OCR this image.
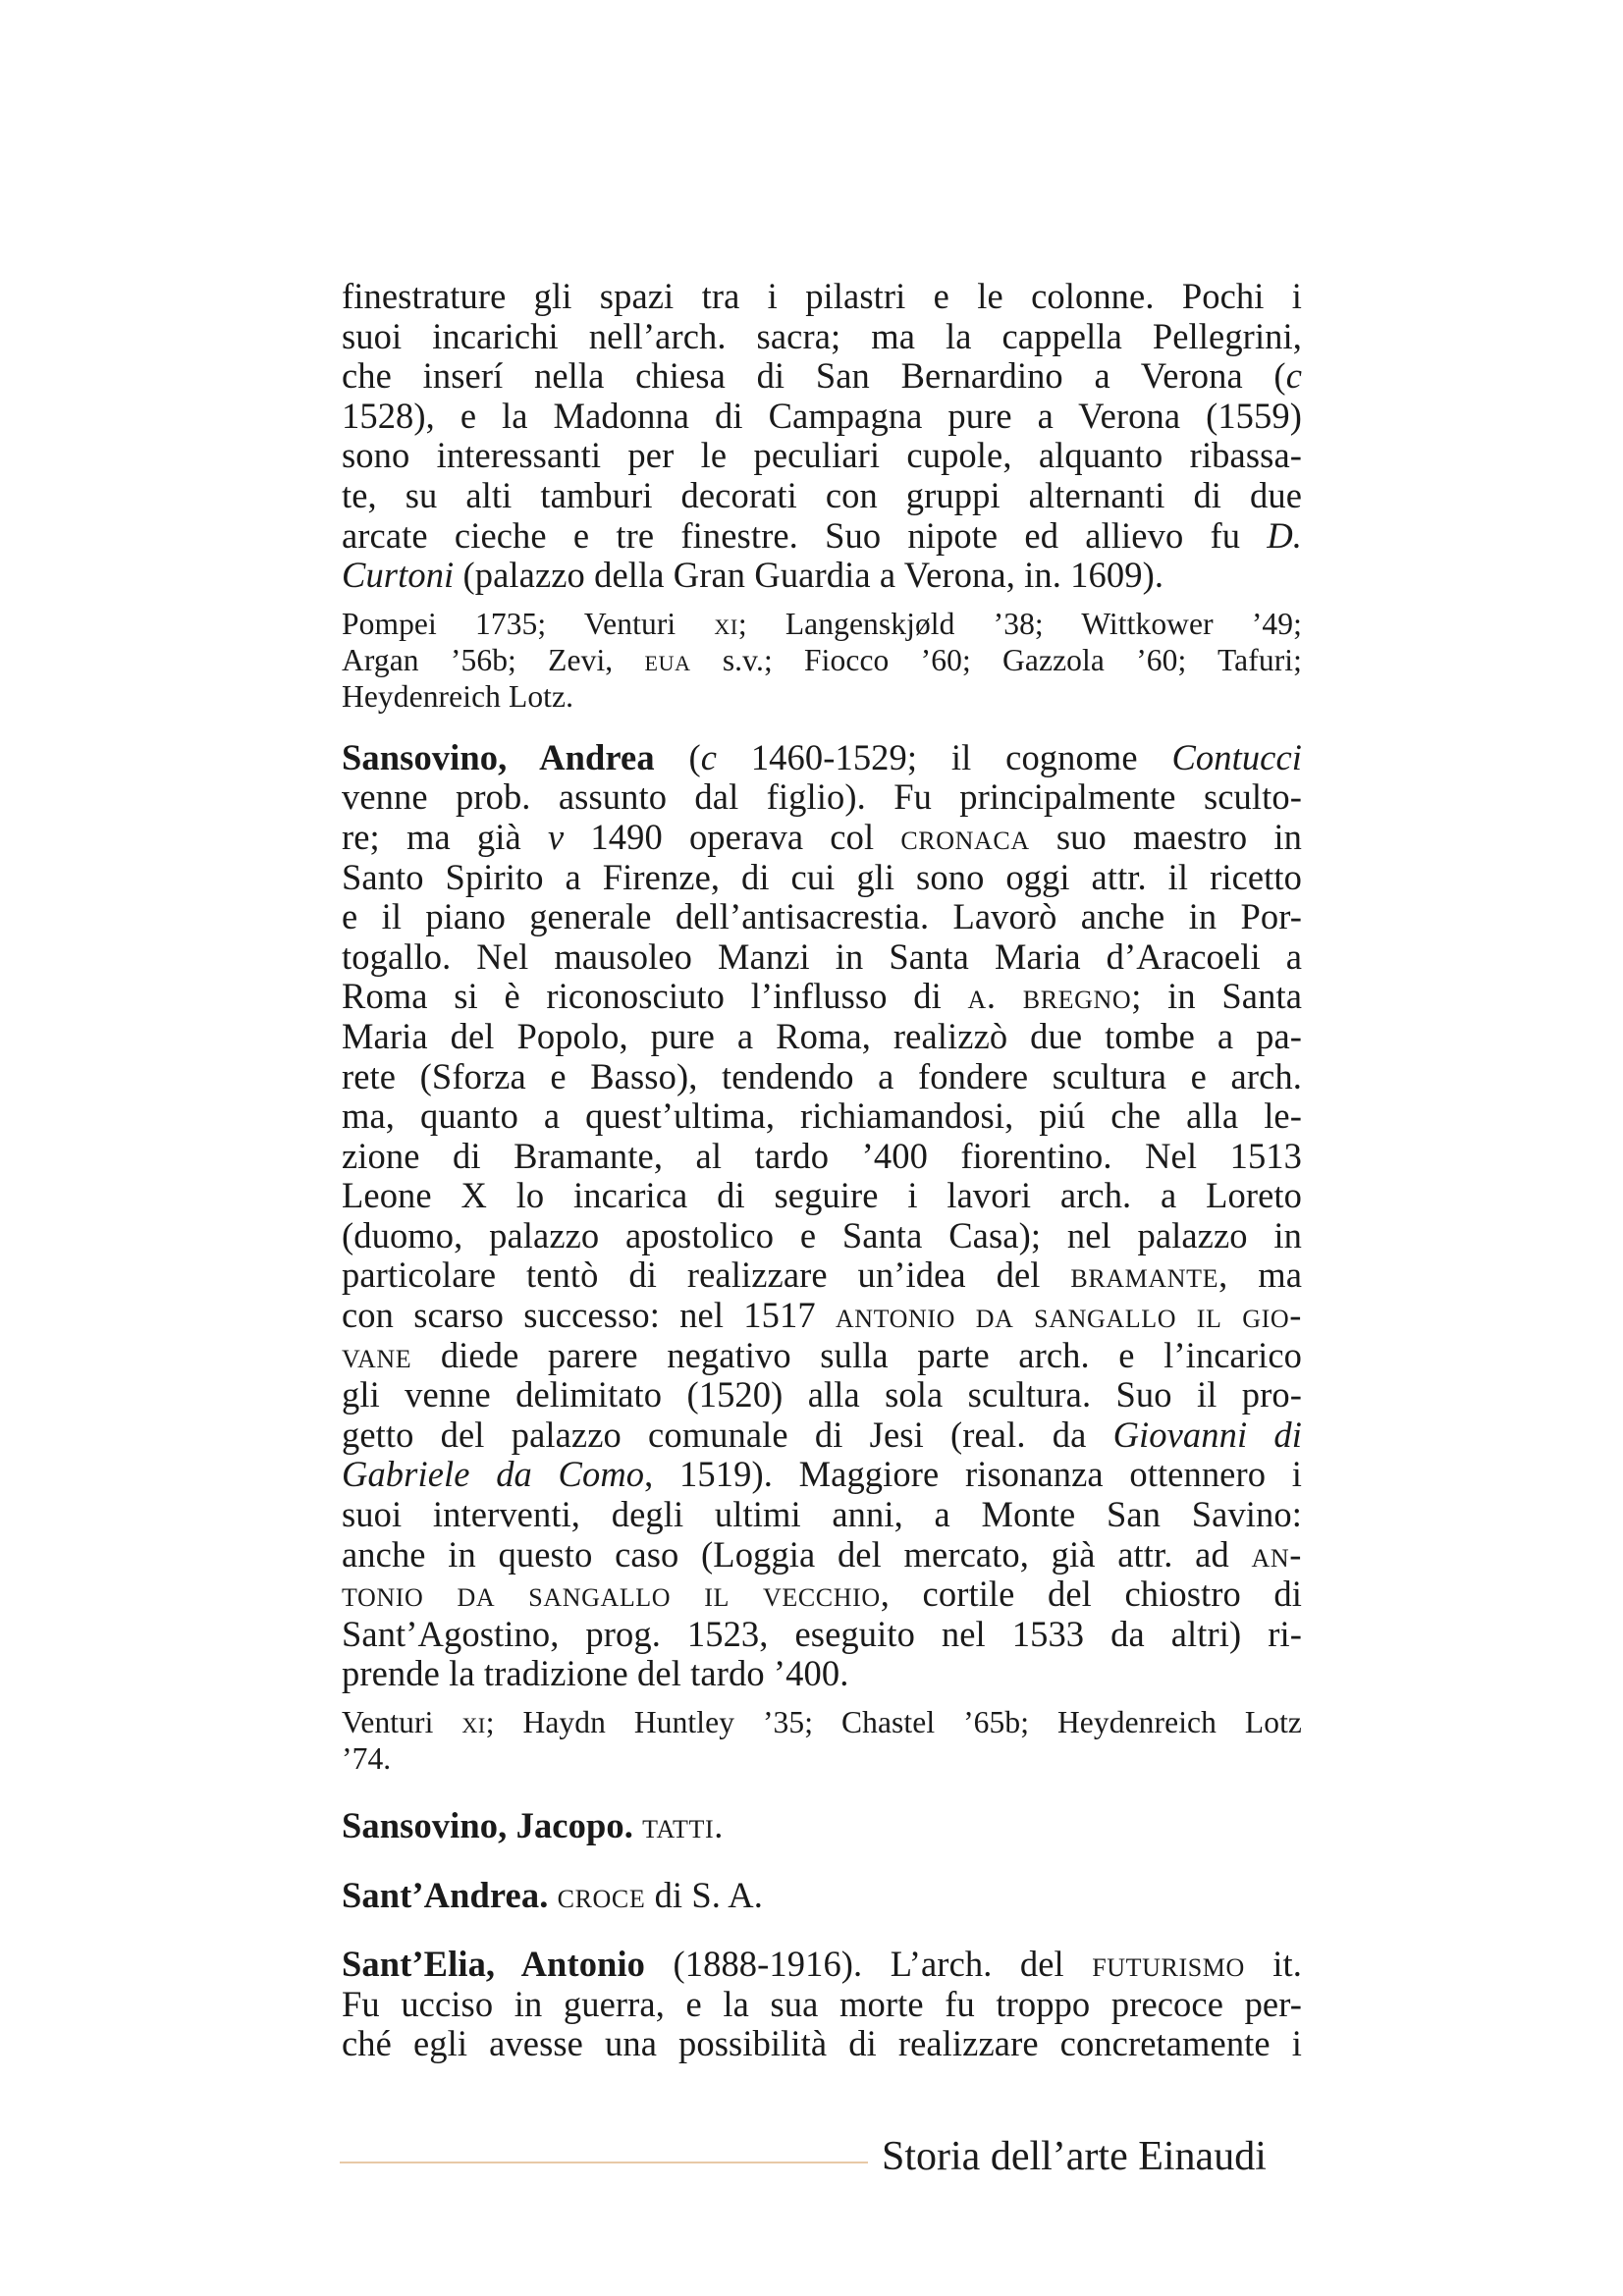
finestrature gli spazi tra i pilastri e le colonne. Pochi i
suoi incarichi nell’arch. sacra; ma la cappella Pellegrini,
che inserí nella chiesa di San Bernardino a Verona (c
1528), e la Madonna di Campagna pure a Verona (1559)
sono interessanti per le peculiari cupole, alquanto ribassa-
te, su alti tamburi decorati con gruppi alternanti di due
arcate cieche e tre finestre. Suo nipote ed allievo fu D.
Curtoni (palazzo della Gran Guardia a Verona, in. 1609).
Pompei 1735; Venturi xi; Langenskjøld ’38; Wittkower ’49;
Argan ’56b; Zevi, eua s.v.; Fiocco ’60; Gazzola ’60; Tafuri;
Heydenreich Lotz.
Sansovino, Andrea (c 1460-1529; il cognome Contucci
venne prob. assunto dal figlio). Fu principalmente sculto-
re; ma già v 1490 operava col cronaca suo maestro in
Santo Spirito a Firenze, di cui gli sono oggi attr. il ricetto
e il piano generale dell’antisacrestia. Lavorò anche in Por-
togallo. Nel mausoleo Manzi in Santa Maria d’Aracoeli a
Roma si è riconosciuto l’influsso di a. bregno; in Santa
Maria del Popolo, pure a Roma, realizzò due tombe a pa-
rete (Sforza e Basso), tendendo a fondere scultura e arch.
ma, quanto a quest’ultima, richiamandosi, piú che alla le-
zione di Bramante, al tardo ’400 fiorentino. Nel 1513
Leone X lo incarica di seguire i lavori arch. a Loreto
(duomo, palazzo apostolico e Santa Casa); nel palazzo in
particolare tentò di realizzare un’idea del bramante, ma
con scarso successo: nel 1517 antonio da sangallo il gio-
vane diede parere negativo sulla parte arch. e l’incarico
gli venne delimitato (1520) alla sola scultura. Suo il pro-
getto del palazzo comunale di Jesi (real. da Giovanni di
Gabriele da Como, 1519). Maggiore risonanza ottennero i
suoi interventi, degli ultimi anni, a Monte San Savino:
anche in questo caso (Loggia del mercato, già attr. ad an-
tonio da sangallo il vecchio, cortile del chiostro di
Sant’Agostino, prog. 1523, eseguito nel 1533 da altri) ri-
prende la tradizione del tardo ’400.
Venturi xi; Haydn Huntley ’35; Chastel ’65b; Heydenreich Lotz
’74.
Sansovino, Jacopo. tatti.
Sant’Andrea. croce di S. A.
Sant’Elia, Antonio (1888-1916). L’arch. del futurismo it.
Fu ucciso in guerra, e la sua morte fu troppo precoce per-
ché egli avesse una possibilità di realizzare concretamente i
Storia dell’arte Einaudi
